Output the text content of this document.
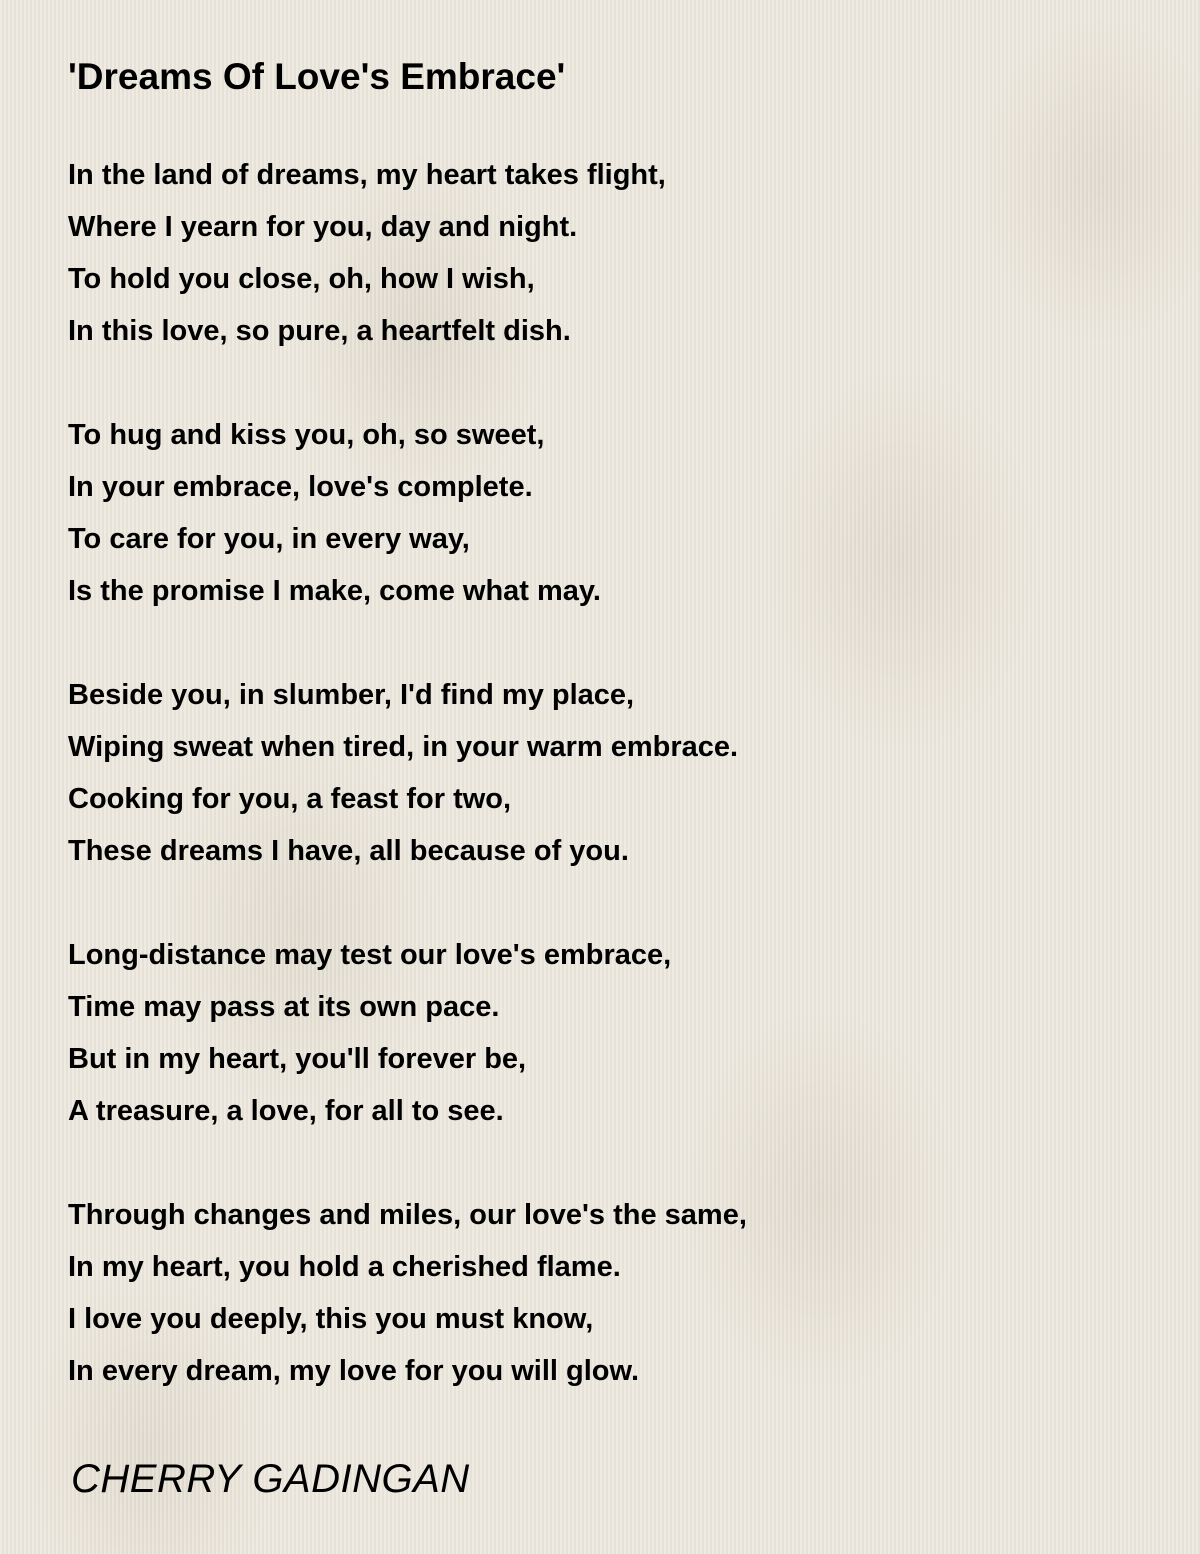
'Dreams Of Love's Embrace'
In the land of dreams, my heart takes flight,
Where I yearn for you, day and night.
To hold you close, oh, how I wish,
In this love, so pure, a heartfelt dish.
To hug and kiss you, oh, so sweet,
In your embrace, love's complete.
To care for you, in every way,
Is the promise I make, come what may.
Beside you, in slumber, I'd find my place,
Wiping sweat when tired, in your warm embrace.
Cooking for you, a feast for two,
These dreams I have, all because of you.
Long-distance may test our love's embrace,
Time may pass at its own pace.
But in my heart, you'll forever be,
A treasure, a love, for all to see.
Through changes and miles, our love's the same,
In my heart, you hold a cherished flame.
I love you deeply, this you must know,
In every dream, my love for you will glow.
CHERRY GADINGAN
